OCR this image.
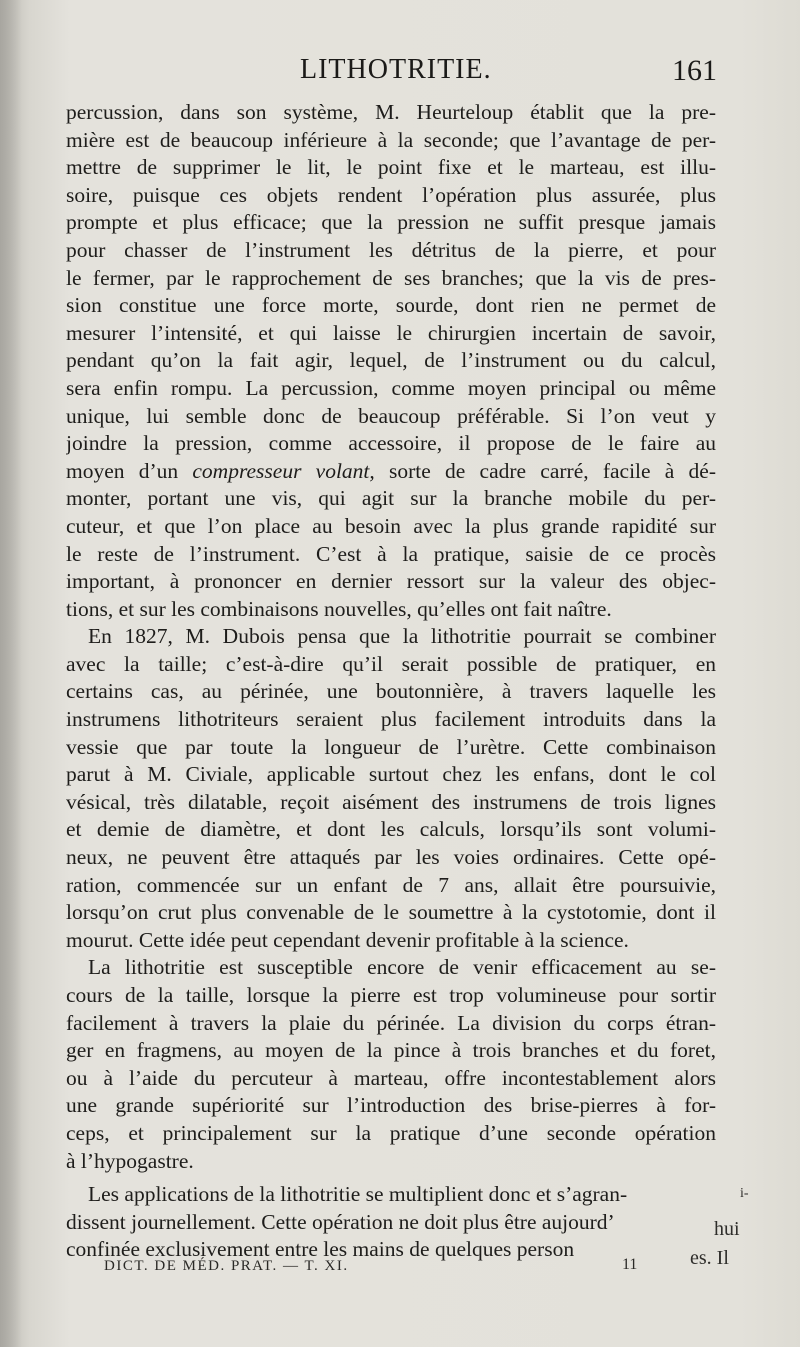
LITHOTRITIE.	161
percussion, dans son système, M. Heurteloup établit que la pre-
mière est de beaucoup inférieure à la seconde; que l’avantage de per-
mettre de supprimer le lit, le point fixe et le marteau, est illu-
soire, puisque ces objets rendent l’opération plus assurée, plus
prompte et plus efficace; que la pression ne suffit presque jamais
pour chasser de l’instrument les détritus de la pierre, et pour
le fermer, par le rapprochement de ses branches; que la vis de pres-
sion constitue une force morte, sourde, dont rien ne permet de
mesurer l’intensité, et qui laisse le chirurgien incertain de savoir,
pendant qu’on la fait agir, lequel, de l’instrument ou du calcul,
sera enfin rompu. La percussion, comme moyen principal ou même
unique, lui semble donc de beaucoup préférable. Si l’on veut y
joindre la pression, comme accessoire, il propose de le faire au
moyen d’un compresseur volant, sorte de cadre carré, facile à dé-
monter, portant une vis, qui agit sur la branche mobile du per-
cuteur, et que l’on place au besoin avec la plus grande rapidité sur
le reste de l’instrument. C’est à la pratique, saisie de ce procès
important, à prononcer en dernier ressort sur la valeur des objec-
tions, et sur les combinaisons nouvelles, qu’elles ont fait naître.
En 1827, M. Dubois pensa que la lithotritie pourrait se combiner
avec la taille; c’est-à-dire qu’il serait possible de pratiquer, en
certains cas, au périnée, une boutonnière, à travers laquelle les
instrumens lithotriteurs seraient plus facilement introduits dans la
vessie que par toute la longueur de l’urètre. Cette combinaison
parut à M. Civiale, applicable surtout chez les enfans, dont le col
vésical, très dilatable, reçoit aisément des instrumens de trois lignes
et demie de diamètre, et dont les calculs, lorsqu’ils sont volumi-
neux, ne peuvent être attaqués par les voies ordinaires. Cette opé-
ration, commencée sur un enfant de 7 ans, allait être poursuivie,
lorsqu’on crut plus convenable de le soumettre à la cystotomie, dont il
mourut. Cette idée peut cependant devenir profitable à la science.
La lithotritie est susceptible encore de venir efficacement au se-
cours de la taille, lorsque la pierre est trop volumineuse pour sortir
facilement à travers la plaie du périnée. La division du corps étran-
ger en fragmens, au moyen de la pince à trois branches et du foret,
ou à l’aide du percuteur à marteau, offre incontestablement alors
une grande supériorité sur l’introduction des brise-pierres à for-
ceps, et principalement sur la pratique d’une seconde opération
à l’hypogastre.
Les applications de la lithotritie se multiplient donc et s’agran-
dissent journellement. Cette opération ne doit plus être aujourd’
confinée exclusivement entre les mains de quelques person
i-
hui
es. Il
DICT. DE MÉD. PRAT. — T. XI.	11
